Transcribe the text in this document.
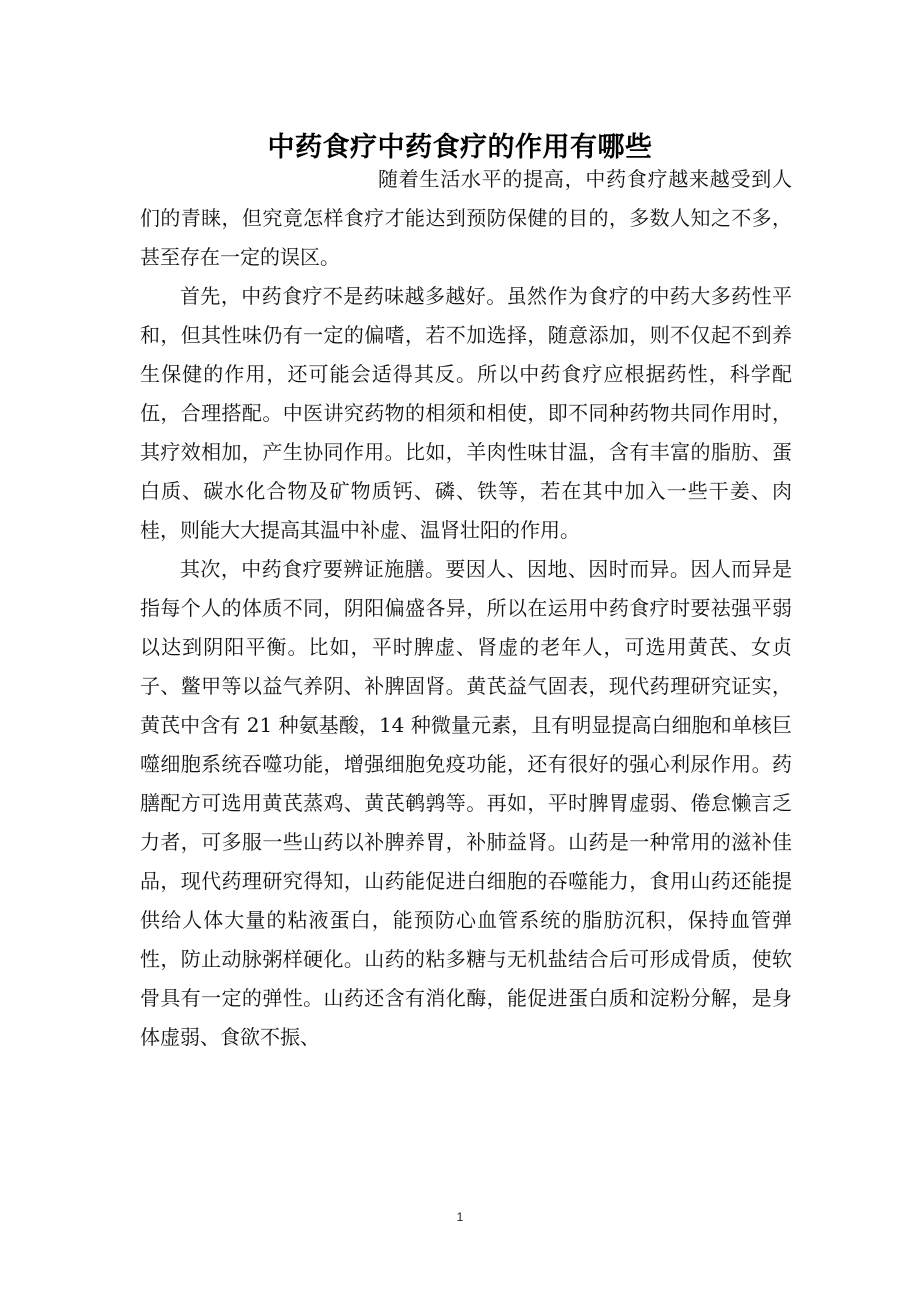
中药食疗中药食疗的作用有哪些

随着生活水平的提高，中药食疗越来越受到人们的青睐，但究竟怎样食疗才能达到预防保健的目的，多数人知之不多，甚至存在一定的误区。

首先，中药食疗不是药味越多越好。虽然作为食疗的中药大多药性平和，但其性味仍有一定的偏嗜，若不加选择，随意添加，则不仅起不到养生保健的作用，还可能会适得其反。所以中药食疗应根据药性，科学配伍，合理搭配。中医讲究药物的相须和相使，即不同种药物共同作用时，其疗效相加，产生协同作用。比如，羊肉性味甘温，含有丰富的脂肪、蛋白质、碳水化合物及矿物质钙、磷、铁等，若在其中加入一些干姜、肉桂，则能大大提高其温中补虚、温肾壮阳的作用。

其次，中药食疗要辨证施膳。要因人、因地、因时而异。因人而异是指每个人的体质不同，阴阳偏盛各异，所以在运用中药食疗时要祛强平弱以达到阴阳平衡。比如，平时脾虚、肾虚的老年人，可选用黄芪、女贞子、鳖甲等以益气养阴、补脾固肾。黄芪益气固表，现代药理研究证实，黄芪中含有 21 种氨基酸，14 种微量元素，且有明显提高白细胞和单核巨噬细胞系统吞噬功能，增强细胞免疫功能，还有很好的强心利尿作用。药膳配方可选用黄芪蒸鸡、黄芪鹌鹑等。再如，平时脾胃虚弱、倦怠懒言乏力者，可多服一些山药以补脾养胃，补肺益肾。山药是一种常用的滋补佳品，现代药理研究得知，山药能促进白细胞的吞噬能力，食用山药还能提供给人体大量的粘液蛋白，能预防心血管系统的脂肪沉积，保持血管弹性，防止动脉粥样硬化。山药的粘多糖与无机盐结合后可形成骨质，使软骨具有一定的弹性。山药还含有消化酶，能促进蛋白质和淀粉分解，是身体虚弱、食欲不振、

1
